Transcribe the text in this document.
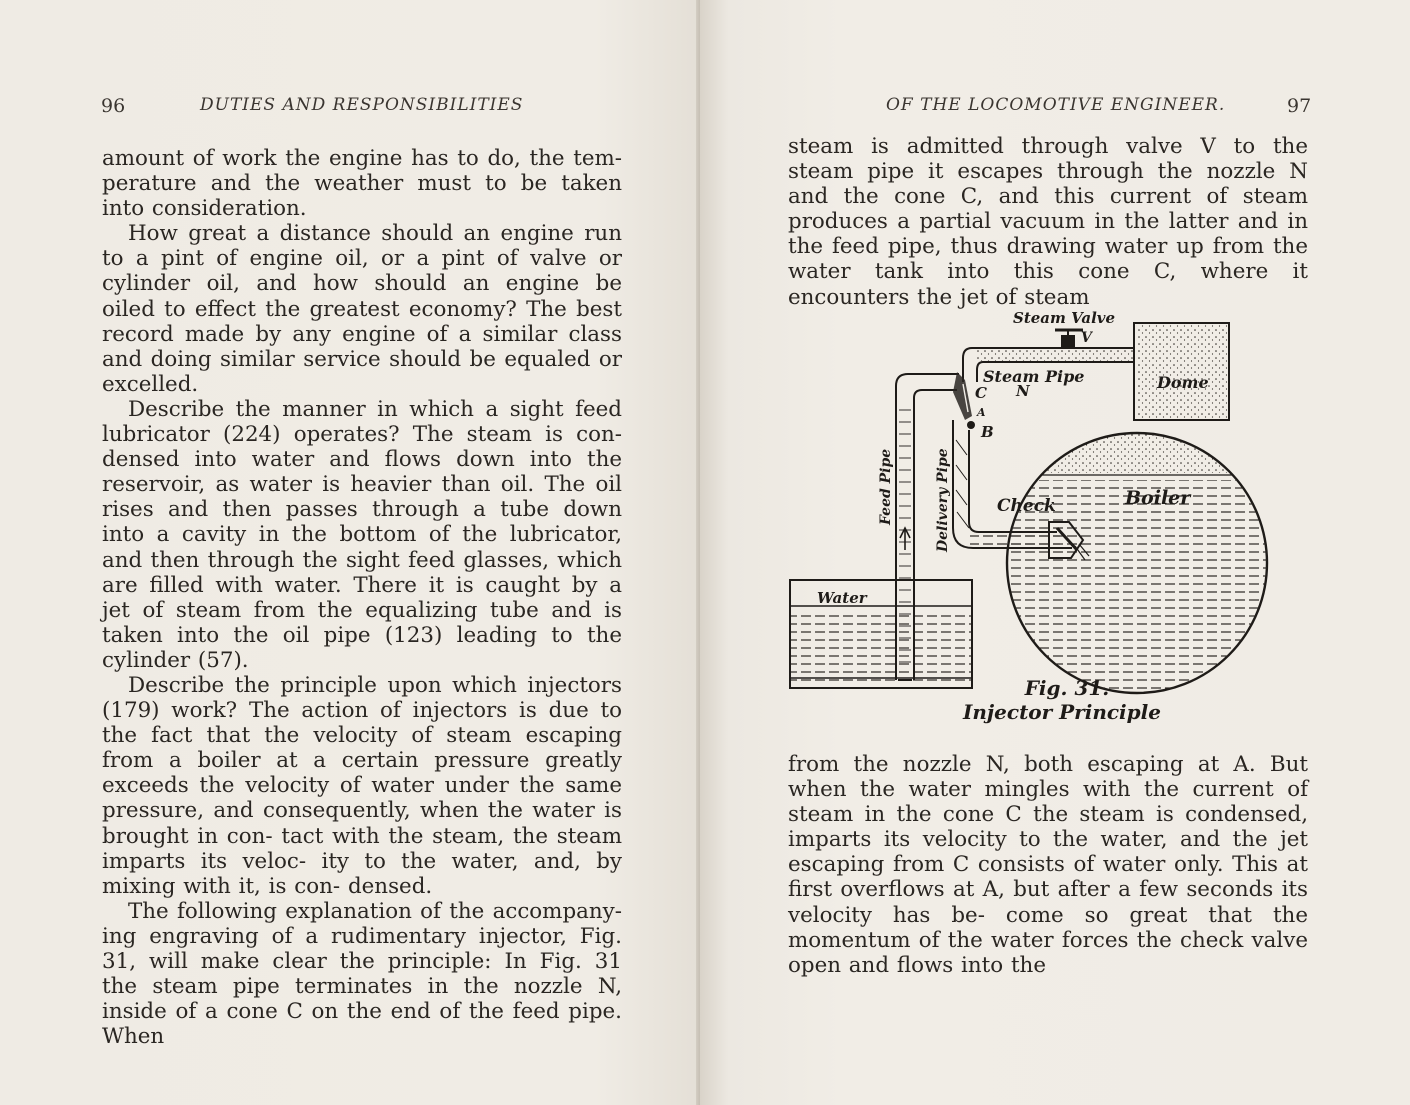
96	DUTIES AND RESPONSIBILITIES

amount of work the engine has to do, the tem- perature and the weather must to be taken into consideration.

How great a distance should an engine run to a pint of engine oil, or a pint of valve or cylinder oil, and how should an engine be oiled to effect the greatest economy? The best record made by any engine of a similar class and doing similar service should be equaled or excelled.

Describe the manner in which a sight feed lubricator (224) operates? The steam is con- densed into water and flows down into the reservoir, as water is heavier than oil. The oil rises and then passes through a tube down into a cavity in the bottom of the lubricator, and then through the sight feed glasses, which are filled with water. There it is caught by a jet of steam from the equalizing tube and is taken into the oil pipe (123) leading to the cylinder (57).

Describe the principle upon which injectors (179) work? The action of injectors is due to the fact that the velocity of steam escaping from a boiler at a certain pressure greatly exceeds the velocity of water under the same pressure, and consequently, when the water is brought in con- tact with the steam, the steam imparts its veloc- ity to the water, and, by mixing with it, is con- densed.

The following explanation of the accompany- ing engraving of a rudimentary injector, Fig. 31, will make clear the principle: In Fig. 31 the steam pipe terminates in the nozzle N, inside of a cone C on the end of the feed pipe. When

OF THE LOCOMOTIVE ENGINEER.	97

steam is admitted through valve V to the steam pipe it escapes through the nozzle N and the cone C, and this current of steam produces a partial vacuum in the latter and in the feed pipe, thus drawing water up from the water tank into this cone C, where it encounters the jet of steam

from the nozzle N, both escaping at A. But when the water mingles with the current of steam in the cone C the steam is condensed, imparts its velocity to the water, and the jet escaping from C consists of water only. This at first overflows at A, but after a few seconds its velocity has be- come so great that the momentum of the water forces the check valve open and flows into the

Steam Valve
V
Steam Pipe
C N	Dome
A
B
Check	Boiler
Water
Feed Pipe	Delivery Pipe
Fig. 31.
Injector Principle
